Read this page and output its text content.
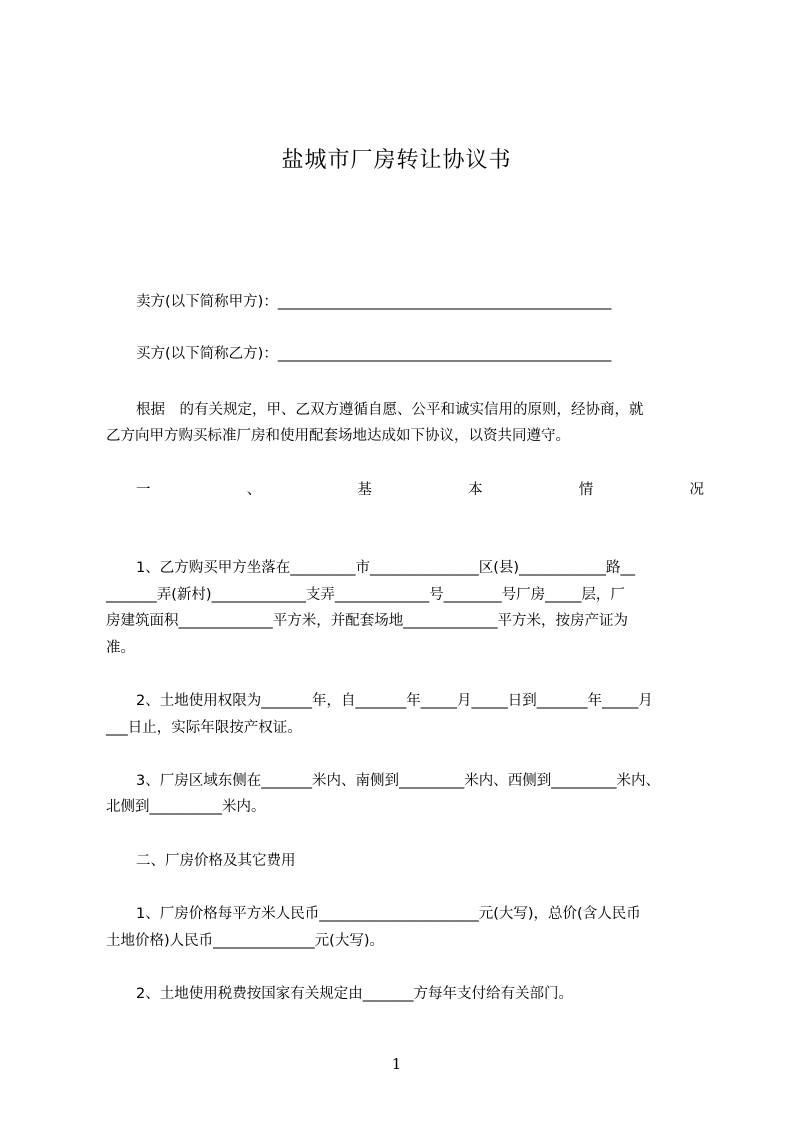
盐城市厂房转让协议书
卖方(以下简称甲方)：______________________________________________
买方(以下简称乙方)：______________________________________________
根据　的有关规定，甲、乙双方遵循自愿、公平和诚实信用的原则，经协商，就
乙方向甲方购买标准厂房和使用配套场地达成如下协议，以资共同遵守。
一	、	基	本	情	况
1、乙方购买甲方坐落在_________市_______________区(县)____________路__
_______弄(新村)_____________支弄_____________号________号厂房_____层，厂
房建筑面积_____________平方米，并配套场地_____________平方米，按房产证为
准。
2、土地使用权限为_______年，自_______年_____月_____日到_______年_____月
___日止，实际年限按产权证。
3、厂房区域东侧在_______米内、南侧到_________米内、西侧到_________米内、
北侧到__________米内。
二、厂房价格及其它费用
1、厂房价格每平方米人民币______________________元(大写)，总价(含人民币
土地价格)人民币______________元(大写)。
2、土地使用税费按国家有关规定由_______方每年支付给有关部门。
1
